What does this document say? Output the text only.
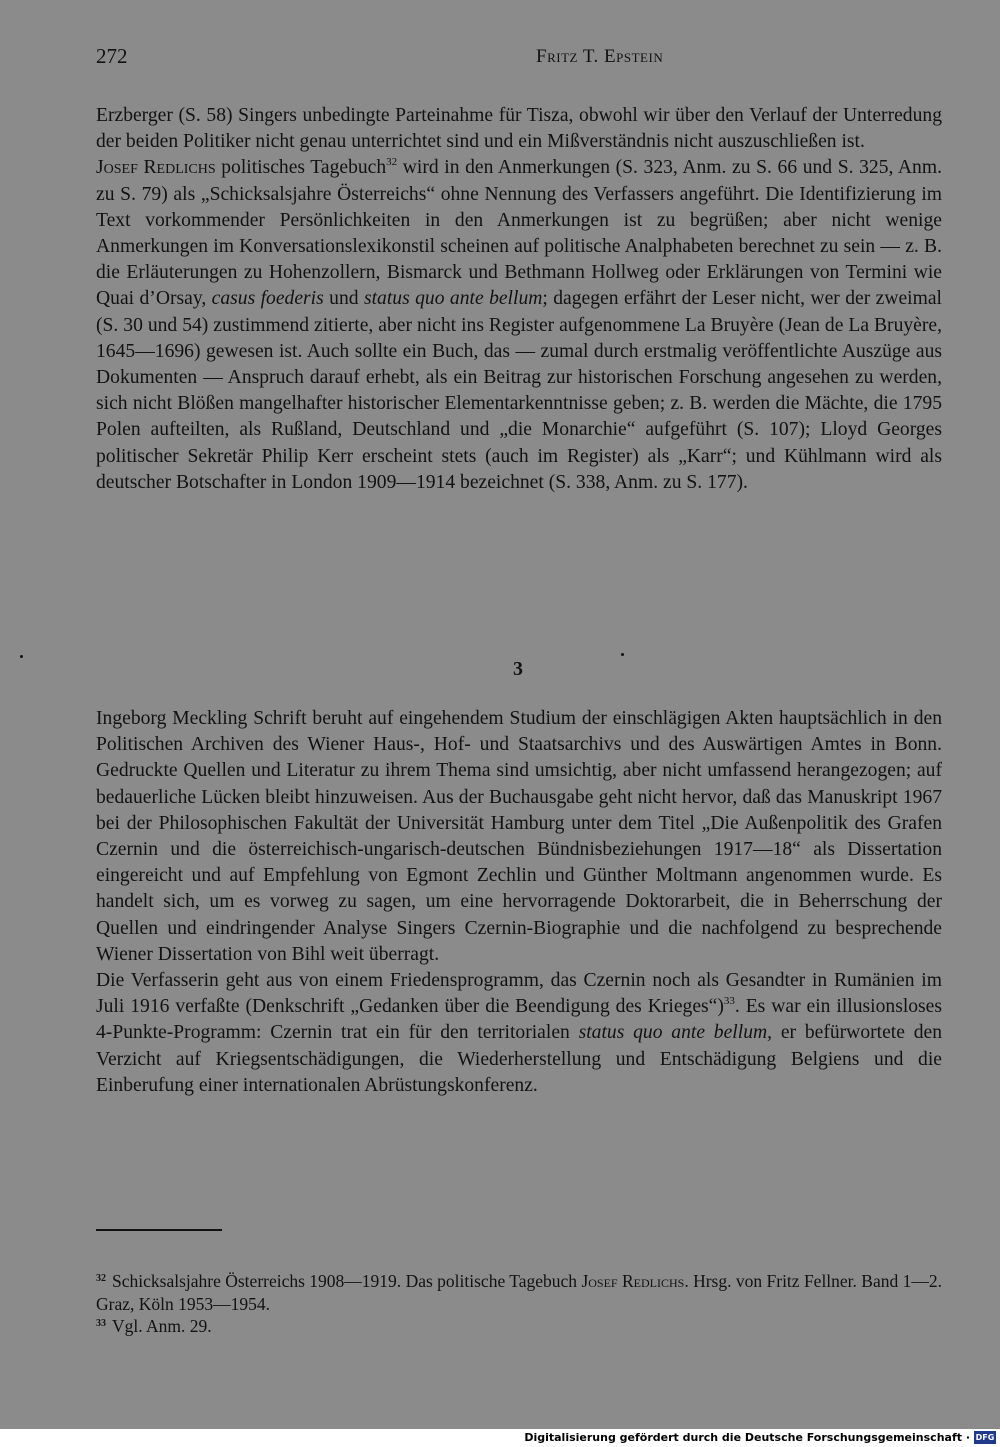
272	Fritz T. Epstein

Erzberger (S. 58) Singers unbedingte Parteinahme für Tisza, obwohl wir über den Verlauf der Unterredung der beiden Politiker nicht genau unterrichtet sind und ein Mißverständnis nicht auszuschließen ist.

Josef Redlichs politisches Tagebuch$^{32}$ wird in den Anmerkungen (S. 323, Anm. zu S. 66 und S. 325, Anm. zu S. 79) als „Schicksalsjahre Österreichs“ ohne Nennung des Verfassers angeführt. Die Identifizierung im Text vorkommender Persönlichkeiten in den Anmerkungen ist zu begrüßen; aber nicht wenige Anmerkungen im Konversationslexikonstil scheinen auf politische Analphabeten berechnet zu sein — z. B. die Erläuterungen zu Hohenzollern, Bismarck und Bethmann Hollweg oder Erklärungen von Termini wie Quai d’Orsay, casus foederis und status quo ante bellum; dagegen erfährt der Leser nicht, wer der zweimal (S. 30 und 54) zustimmend zitierte, aber nicht ins Register aufgenommene La Bruyère (Jean de La Bruyère, 1645—1696) gewesen ist. Auch sollte ein Buch, das — zumal durch erstmalig veröffentlichte Auszüge aus Dokumenten — Anspruch darauf erhebt, als ein Beitrag zur historischen Forschung angesehen zu werden, sich nicht Blößen mangelhafter historischer Elementarkenntnisse geben; z. B. werden die Mächte, die 1795 Polen aufteilten, als Rußland, Deutschland und „die Monarchie“ aufgeführt (S. 107); Lloyd Georges politischer Sekretär Philip Kerr erscheint stets (auch im Register) als „Karr“; und Kühlmann wird als deutscher Botschafter in London 1909—1914 bezeichnet (S. 338, Anm. zu S. 177).

3

Ingeborg Meckling Schrift beruht auf eingehendem Studium der einschlägigen Akten hauptsächlich in den Politischen Archiven des Wiener Haus-, Hof- und Staatsarchivs und des Auswärtigen Amtes in Bonn. Gedruckte Quellen und Literatur zu ihrem Thema sind umsichtig, aber nicht umfassend herangezogen; auf bedauerliche Lücken bleibt hinzuweisen. Aus der Buchausgabe geht nicht hervor, daß das Manuskript 1967 bei der Philosophischen Fakultät der Universität Hamburg unter dem Titel „Die Außenpolitik des Grafen Czernin und die österreichisch-ungarisch-deutschen Bündnisbeziehungen 1917—18“ als Dissertation eingereicht und auf Empfehlung von Egmont Zechlin und Günther Moltmann angenommen wurde. Es handelt sich, um es vorweg zu sagen, um eine hervorragende Doktorarbeit, die in Beherrschung der Quellen und eindringender Analyse Singers Czernin-Biographie und die nachfolgend zu besprechende Wiener Dissertation von Bihl weit überragt.

Die Verfasserin geht aus von einem Friedensprogramm, das Czernin noch als Gesandter in Rumänien im Juli 1916 verfaßte (Denkschrift „Gedanken über die Beendigung des Krieges“)$^{33}$. Es war ein illusionsloses 4-Punkte-Programm: Czernin trat ein für den territorialen status quo ante bellum, er befürwortete den Verzicht auf Kriegsentschädigungen, die Wiederherstellung und Entschädigung Belgiens und die Einberufung einer internationalen Abrüstungskonferenz.

$^{32}$ Schicksalsjahre Österreichs 1908—1919. Das politische Tagebuch Josef Redlichs. Hrsg. von Fritz Fellner. Band 1—2. Graz, Köln 1953—1954.

$^{33}$ Vgl. Anm. 29.

Digitalisierung gefördert durch die Deutsche Forschungsgemeinschaft · DFG
